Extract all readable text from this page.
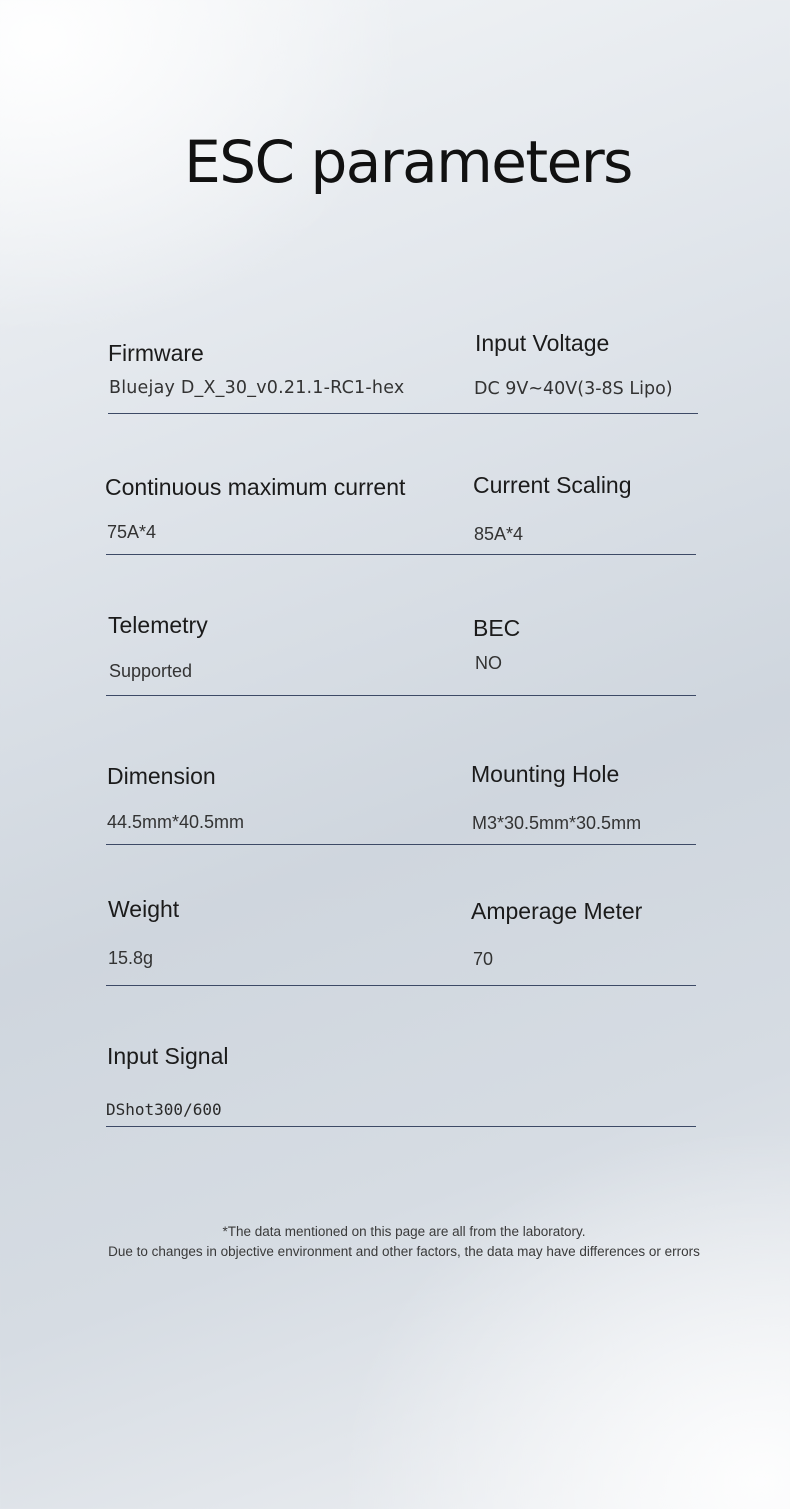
ESC parameters
Firmware
Bluejay D_X_30_v0.21.1-RC1-hex
Input Voltage
DC 9V~40V(3-8S Lipo)
Continuous maximum current
75A*4
Current Scaling
85A*4
Telemetry
Supported
BEC
NO
Dimension
44.5mm*40.5mm
Mounting Hole
M3*30.5mm*30.5mm
Weight
15.8g
Amperage Meter
70
Input Signal
DShot300/600
*The data mentioned on this page are all from the laboratory.
Due to changes in objective environment and other factors, the data may have differences or errors
